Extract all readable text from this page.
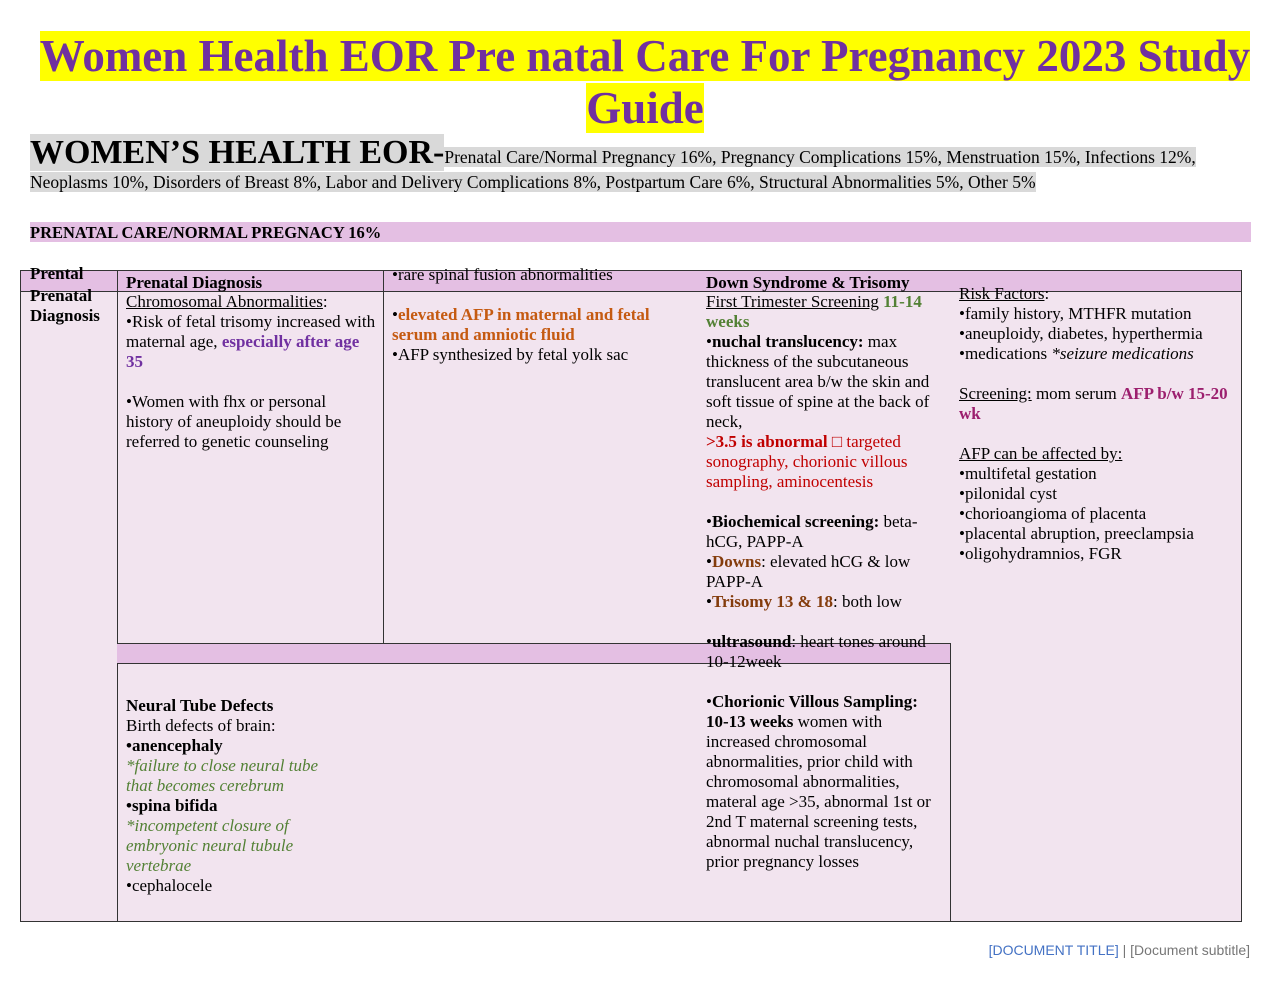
Women Health EOR Pre natal Care For Pregnancy 2023 Study Guide
WOMEN’S HEALTH EOR-Prenatal Care/Normal Pregnancy 16%, Pregnancy Complications 15%, Menstruation 15%, Infections 12%, Neoplasms 10%, Disorders of Breast 8%, Labor and Delivery Complications 8%, Postpartum Care 6%, Structural Abnormalities 5%, Other 5%
PRENATAL CARE/NORMAL PREGNACY 16%
Prental
Prenatal Diagnosis
Prenatal Diagnosis
Chromosomal Abnormalities:
•Risk of fetal trisomy increased with maternal age, especially after age 35

•Women with fhx or personal history of aneuploidy should be referred to genetic counseling
•rare spinal fusion abnormalities
•elevated AFP in maternal and fetal serum and amniotic fluid
•AFP synthesized by fetal yolk sac
Down Syndrome & Trisomy
First Trimester Screening 11-14 weeks
•nuchal translucency: max thickness of the subcutaneous translucent area b/w the skin and soft tissue of spine at the back of neck,
>3.5 is abnormal □ targeted sonography, chorionic villous sampling, aminocentesis

•Biochemical screening: beta-hCG, PAPP-A
•Downs: elevated hCG & low PAPP-A
•Trisomy 13 & 18: both low

•ultrasound: heart tones around 10-12week

•Chorionic Villous Sampling:
10-13 weeks women with increased chromosomal abnormalities, prior child with chromosomal abnormalities, materal age >35, abnormal 1st or 2nd T maternal screening tests, abnormal nuchal translucency, prior pregnancy losses
Risk Factors:
•family history, MTHFR mutation
•aneuploidy, diabetes, hyperthermia
•medications *seizure medications

Screening: mom serum AFP b/w 15-20 wk

AFP can be affected by:
•multifetal gestation
•pilonidal cyst
•chorioangioma of placenta
•placental abruption, preeclampsia
•oligohydramnios, FGR
Neural Tube Defects
Birth defects of brain:
•anencephaly
*failure to close neural tube that becomes cerebrum
•spina bifida
*incompetent closure of embryonic neural tubule vertebrae
•cephalocele
[DOCUMENT TITLE] | [Document subtitle]
